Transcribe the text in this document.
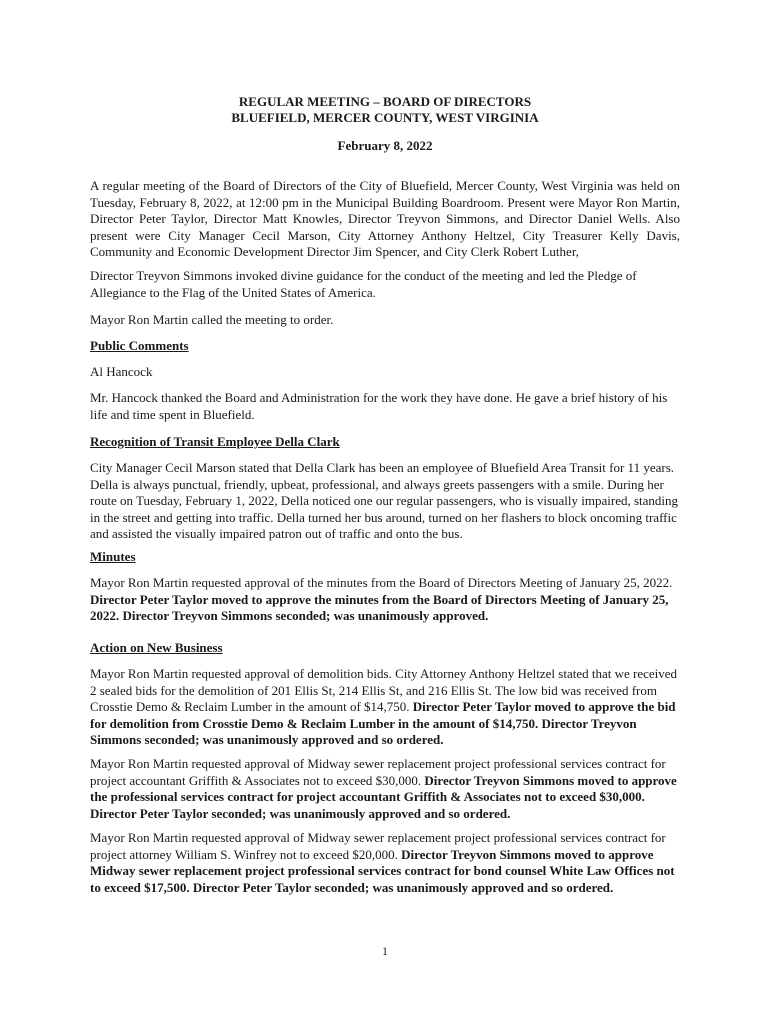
REGULAR MEETING – BOARD OF DIRECTORS
BLUEFIELD, MERCER COUNTY, WEST VIRGINIA
February 8, 2022
A regular meeting of the Board of Directors of the City of Bluefield, Mercer County, West Virginia was held on Tuesday, February 8, 2022, at 12:00 pm in the Municipal Building Boardroom. Present were Mayor Ron Martin, Director Peter Taylor, Director Matt Knowles, Director Treyvon Simmons, and Director Daniel Wells. Also present were City Manager Cecil Marson, City Attorney Anthony Heltzel, City Treasurer Kelly Davis, Community and Economic Development Director Jim Spencer, and City Clerk Robert Luther,
Director Treyvon Simmons invoked divine guidance for the conduct of the meeting and led the Pledge of Allegiance to the Flag of the United States of America.
Mayor Ron Martin called the meeting to order.
Public Comments
Al Hancock
Mr. Hancock thanked the Board and Administration for the work they have done. He gave a brief history of his life and time spent in Bluefield.
Recognition of Transit Employee Della Clark
City Manager Cecil Marson stated that Della Clark has been an employee of Bluefield Area Transit for 11 years. Della is always punctual, friendly, upbeat, professional, and always greets passengers with a smile. During her route on Tuesday, February 1, 2022, Della noticed one our regular passengers, who is visually impaired, standing in the street and getting into traffic. Della turned her bus around, turned on her flashers to block oncoming traffic and assisted the visually impaired patron out of traffic and onto the bus.
Minutes
Mayor Ron Martin requested approval of the minutes from the Board of Directors Meeting of January 25, 2022. Director Peter Taylor moved to approve the minutes from the Board of Directors Meeting of January 25, 2022. Director Treyvon Simmons seconded; was unanimously approved.
Action on New Business
Mayor Ron Martin requested approval of demolition bids. City Attorney Anthony Heltzel stated that we received 2 sealed bids for the demolition of 201 Ellis St, 214 Ellis St, and 216 Ellis St. The low bid was received from Crosstie Demo & Reclaim Lumber in the amount of $14,750. Director Peter Taylor moved to approve the bid for demolition from Crosstie Demo & Reclaim Lumber in the amount of $14,750. Director Treyvon Simmons seconded; was unanimously approved and so ordered.
Mayor Ron Martin requested approval of Midway sewer replacement project professional services contract for project accountant Griffith & Associates not to exceed $30,000. Director Treyvon Simmons moved to approve the professional services contract for project accountant Griffith & Associates not to exceed $30,000. Director Peter Taylor seconded; was unanimously approved and so ordered.
Mayor Ron Martin requested approval of Midway sewer replacement project professional services contract for project attorney William S. Winfrey not to exceed $20,000. Director Treyvon Simmons moved to approve Midway sewer replacement project professional services contract for bond counsel White Law Offices not to exceed $17,500. Director Peter Taylor seconded; was unanimously approved and so ordered.
1
